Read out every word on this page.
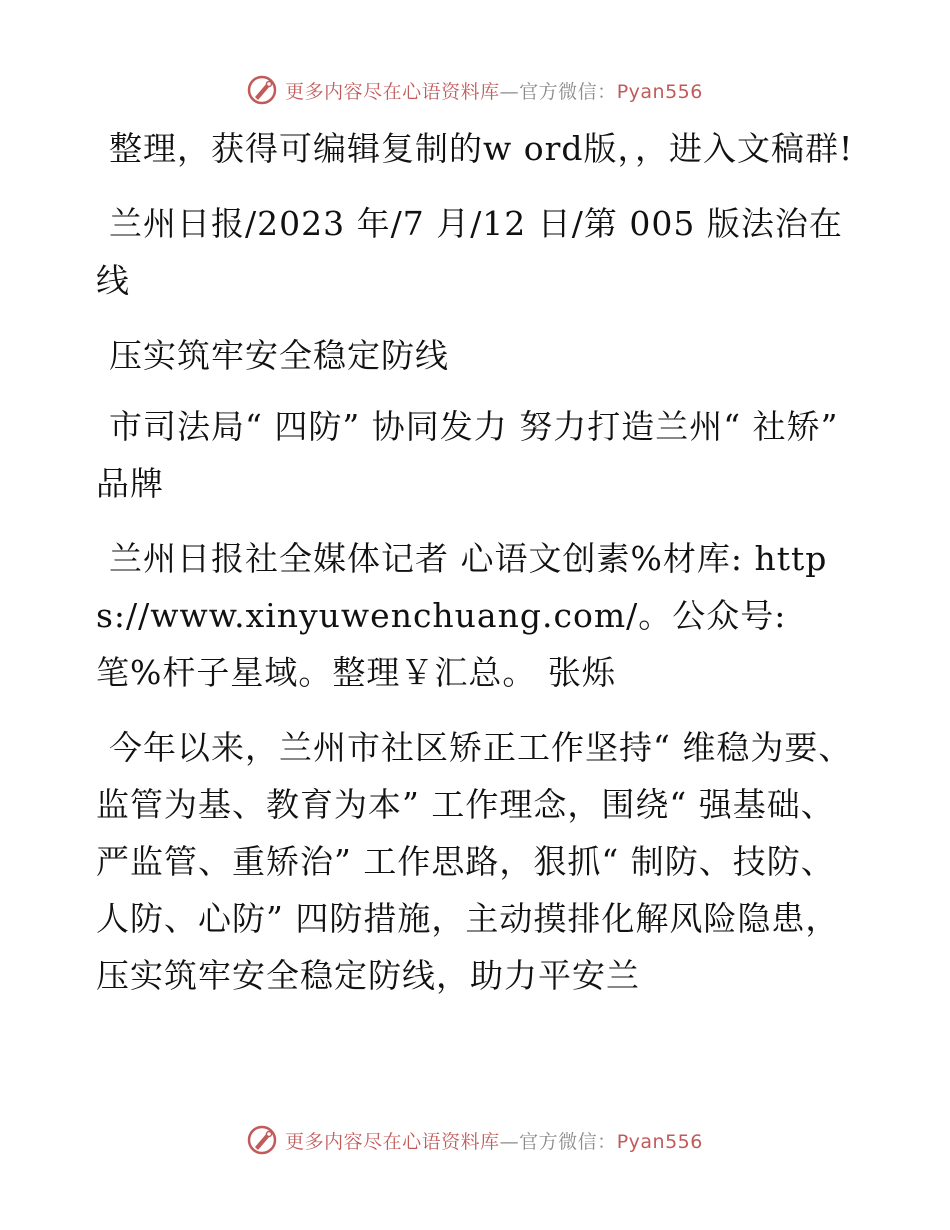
更多内容尽在心语资料库—官方微信：Pyan556

整理，获得可编辑复制的w ord版，，进入文稿群!

兰州日报/2023 年/7 月/12 日/第 005 版法治在线

压实筑牢安全稳定防线

市司法局“ 四防” 协同发力 努力打造兰州“ 社矫” 品牌

兰州日报社全媒体记者 心语文创素%材库: https://www.xinyuwenchuang.com/。公众号: 笔%杆子星域。整理￥汇总。 张烁

今年以来，兰州市社区矫正工作坚持“ 维稳为要、监管为基、教育为本” 工作理念，围绕“ 强基础、严监管、重矫治” 工作思路，狠抓“ 制防、技防、人防、心防” 四防措施，主动摸排化解风险隐患，压实筑牢安全稳定防线，助力平安兰

更多内容尽在心语资料库—官方微信：Pyan556
